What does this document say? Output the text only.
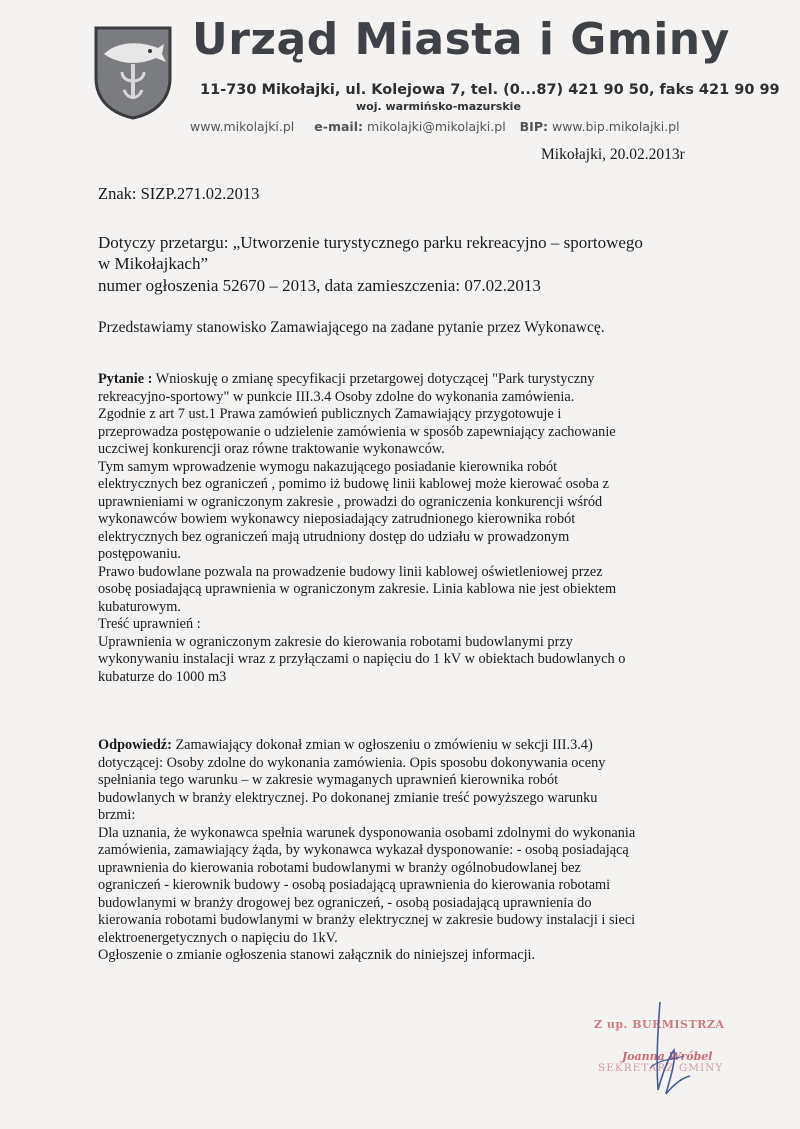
Urząd Miasta i Gminy
11-730 Mikołajki, ul. Kolejowa 7, tel. (0...87) 421 90 50, faks 421 90 99
woj. warmińsko-mazurskie
www.mikolajki.pl e-mail: mikolajki@mikolajki.pl BIP: www.bip.mikolajki.pl
Mikołajki, 20.02.2013r
Znak: SIZP.271.02.2013
Dotyczy przetargu: „Utworzenie turystycznego parku rekreacyjno – sportowego
w Mikołajkach”
numer ogłoszenia 52670 – 2013, data zamieszczenia: 07.02.2013
Przedstawiamy stanowisko Zamawiającego na zadane pytanie przez Wykonawcę.
Pytanie : Wnioskuję o zmianę specyfikacji przetargowej dotyczącej "Park turystyczny
rekreacyjno-sportowy" w punkcie III.3.4 Osoby zdolne do wykonania zamówienia.
Zgodnie z art 7 ust.1 Prawa zamówień publicznych Zamawiający przygotowuje i
przeprowadza postępowanie o udzielenie zamówienia w sposób zapewniający zachowanie
uczciwej konkurencji oraz równe traktowanie wykonawców.
Tym samym wprowadzenie wymogu nakazującego posiadanie kierownika robót
elektrycznych bez ograniczeń , pomimo iż budowę linii kablowej może kierować osoba z
uprawnieniami w ograniczonym zakresie , prowadzi do ograniczenia konkurencji wśród
wykonawców bowiem wykonawcy nieposiadający zatrudnionego kierownika robót
elektrycznych bez ograniczeń mają utrudniony dostęp do udziału w prowadzonym
postępowaniu.
Prawo budowlane pozwala na prowadzenie budowy linii kablowej oświetleniowej przez
osobę posiadającą uprawnienia w ograniczonym zakresie. Linia kablowa nie jest obiektem
kubaturowym.
Treść uprawnień :
Uprawnienia w ograniczonym zakresie do kierowania robotami budowlanymi przy
wykonywaniu instalacji wraz z przyłączami o napięciu do 1 kV w obiektach budowlanych o
kubaturze do 1000 m3
Odpowiedź: Zamawiający dokonał zmian w ogłoszeniu o zmówieniu w sekcji III.3.4)
dotyczącej: Osoby zdolne do wykonania zamówienia. Opis sposobu dokonywania oceny
spełniania tego warunku – w zakresie wymaganych uprawnień kierownika robót
budowlanych w branży elektrycznej. Po dokonanej zmianie treść powyższego warunku
brzmi:
Dla uznania, że wykonawca spełnia warunek dysponowania osobami zdolnymi do wykonania
zamówienia, zamawiający żąda, by wykonawca wykazał dysponowanie: - osobą posiadającą
uprawnienia do kierowania robotami budowlanymi w branży ogólnobudowlanej bez
ograniczeń - kierownik budowy - osobą posiadającą uprawnienia do kierowania robotami
budowlanymi w branży drogowej bez ograniczeń, - osobą posiadającą uprawnienia do
kierowania robotami budowlanymi w branży elektrycznej w zakresie budowy instalacji i sieci
elektroenergetycznych o napięciu do 1kV.
Ogłoszenie o zmianie ogłoszenia stanowi załącznik do niniejszej informacji.
Z up. BURMISTRZA
Joanna Wróbel
SEKRETARZ GMINY
